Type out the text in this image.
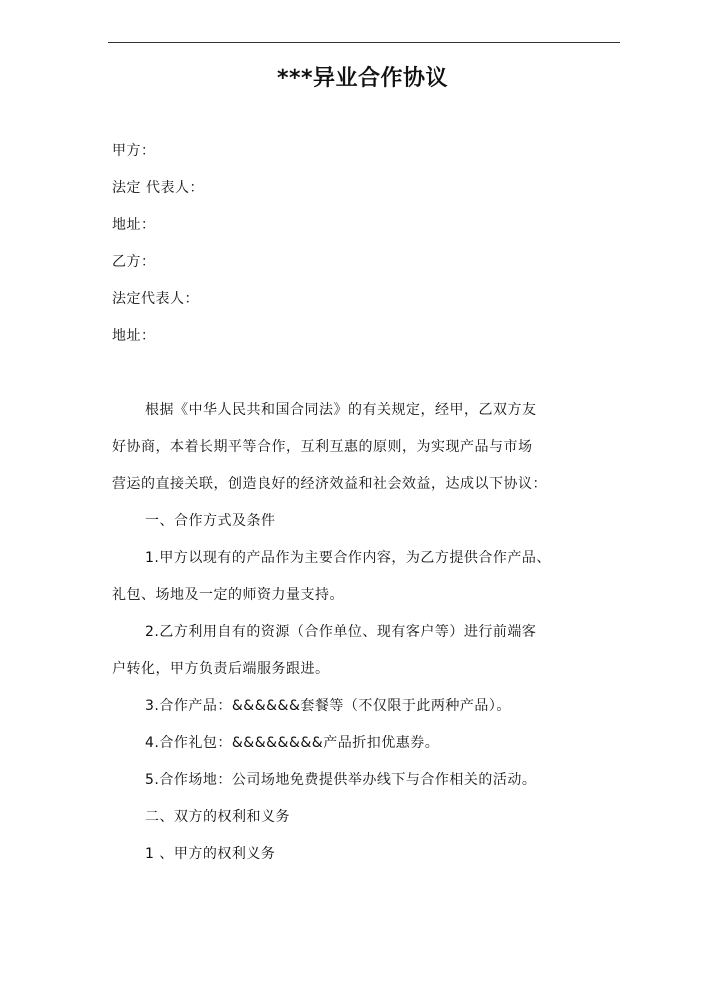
***异业合作协议
甲方：
法定 代表人：
地址：
乙方：
法定代表人：
地址：
根据《中华人民共和国合同法》的有关规定，经甲，乙双方友
好协商，本着长期平等合作，互利互惠的原则，为实现产品与市场
营运的直接关联，创造良好的经济效益和社会效益，达成以下协议：
一、合作方式及条件
1.甲方以现有的产品作为主要合作内容，为乙方提供合作产品、
礼包、场地及一定的师资力量支持。
2.乙方利用自有的资源（合作单位、现有客户等）进行前端客
户转化，甲方负责后端服务跟进。
3.合作产品：&&&&&&套餐等（不仅限于此两种产品）。
4.合作礼包：&&&&&&&&产品折扣优惠券。
5.合作场地：公司场地免费提供举办线下与合作相关的活动。
二、双方的权利和义务
1 、甲方的权利义务
